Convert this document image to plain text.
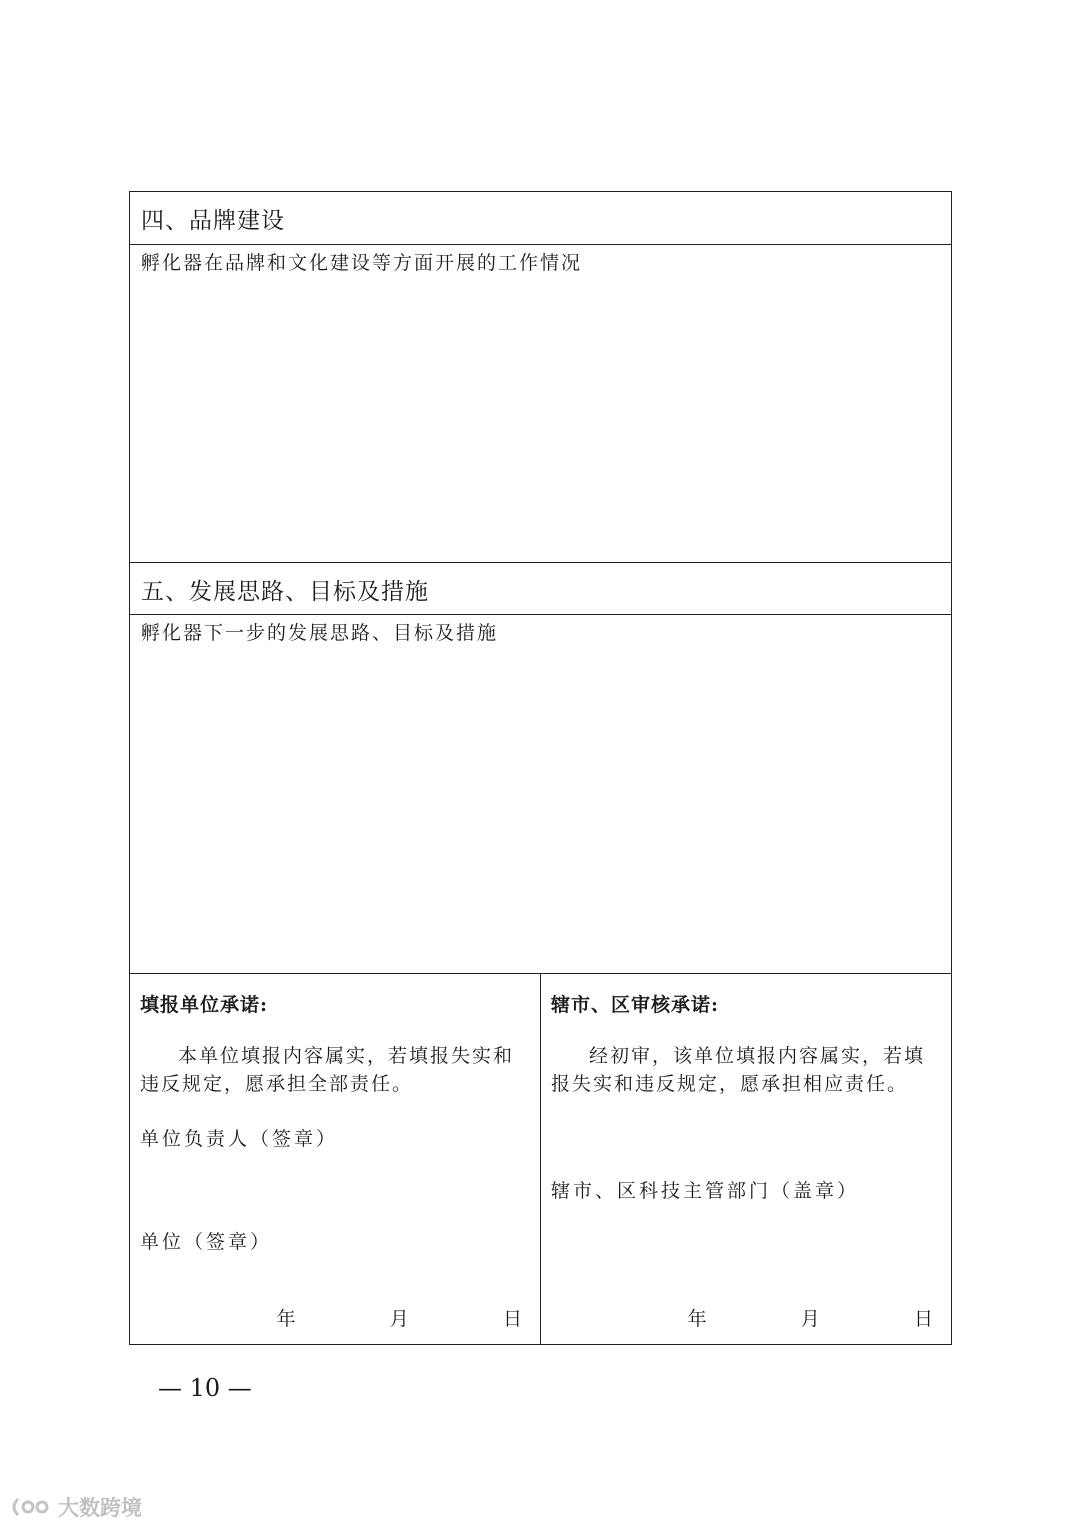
四、品牌建设
孵化器在品牌和文化建设等方面开展的工作情况
五、发展思路、目标及措施
孵化器下一步的发展思路、目标及措施
填报单位承诺:

本单位填报内容属实，若填报失实和违反规定，愿承担全部责任。

单位负责人（签章）
单位（签章）
年	月	日
辖市、区审核承诺:

经初审，该单位填报内容属实，若填报失实和违反规定，愿承担相应责任。

辖市、区科技主管部门（盖章）
年	月	日
— 10 —
大数跨境
